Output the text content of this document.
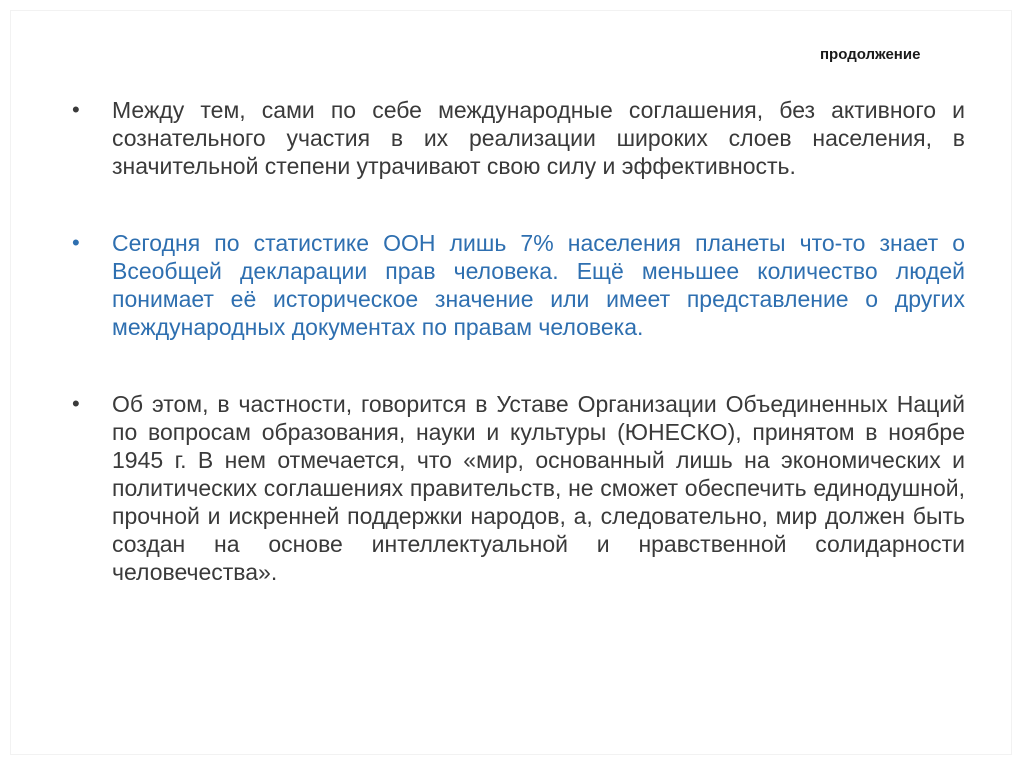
продолжение
•	Между тем, сами по себе международные соглашения, без активного и сознательного участия в их реализации широких слоев населения, в значительной степени утрачивают свою силу и эффективность.
•	Сегодня по статистике ООН лишь 7% населения планеты что-то знает о Всеобщей декларации прав человека. Ещё меньшее количество людей понимает её историческое значение или имеет представление о других международных документах по правам человека.
•	Об этом, в частности, говорится в Уставе Организации Объединенных Наций по вопросам образования, науки и культуры (ЮНЕСКО), принятом в ноябре 1945 г. В нем отмечается, что «мир, основанный лишь на экономических и политических соглашениях правительств, не сможет обеспечить единодушной, прочной и искренней поддержки народов, а, следовательно, мир должен быть создан на основе интеллектуальной и нравственной солидарности человечества».
